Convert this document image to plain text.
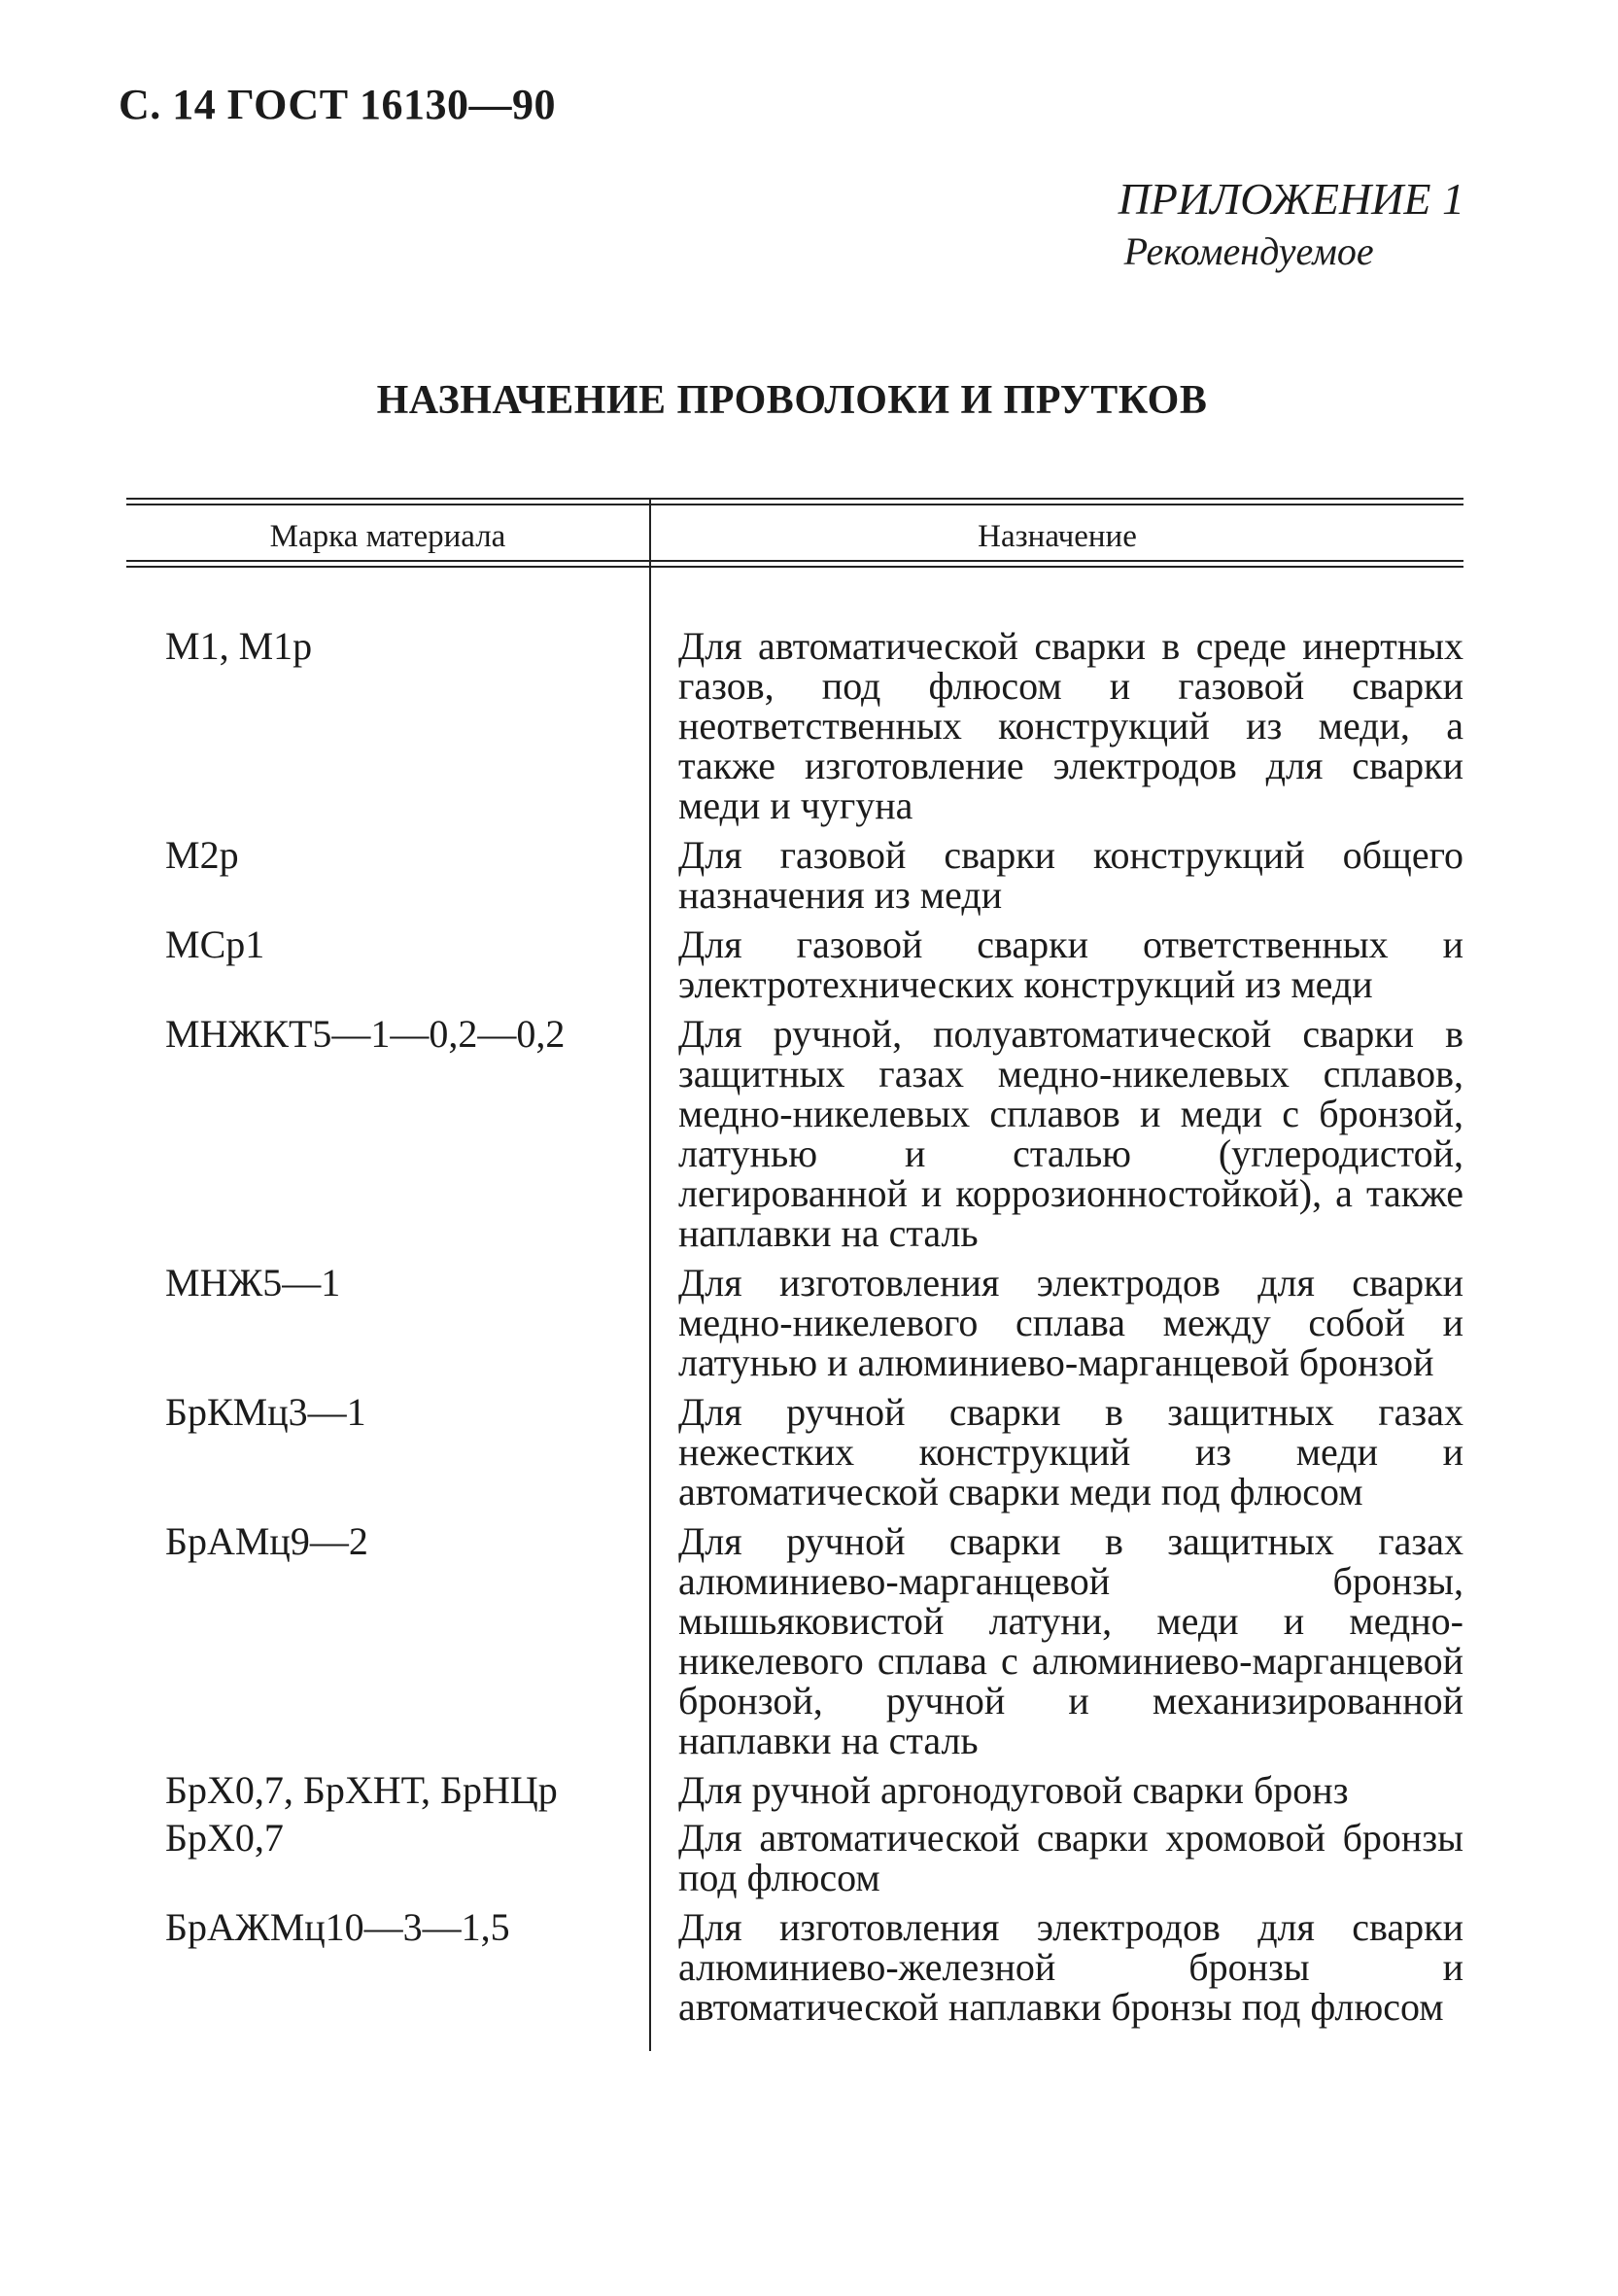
С. 14 ГОСТ 16130—90
ПРИЛОЖЕНИЕ 1
Рекомендуемое
НАЗНАЧЕНИЕ ПРОВОЛОКИ И ПРУТКОВ
Марка материала	Назначение
М1, М1р	Для автоматической сварки в среде инертных газов, под флюсом и газовой сварки неответственных конструкций из меди, а также изготовление электродов для сварки меди и чугуна
М2р	Для газовой сварки конструкций общего назначения из меди
МСр1	Для газовой сварки ответственных и электротехнических конструкций из меди
МНЖКТ5—1—0,2—0,2	Для ручной, полуавтоматической сварки в защитных газах медно-никелевых сплавов, медно-никелевых сплавов и меди с бронзой, латунью и сталью (углеродистой, легированной и коррозионностойкой), а также наплавки на сталь
МНЖ5—1	Для изготовления электродов для сварки медно-никелевого сплава между собой и латунью и алюминиево-марганцевой бронзой
БрКМц3—1	Для ручной сварки в защитных газах нежестких конструкций из меди и автоматической сварки меди под флюсом
БрАМц9—2	Для ручной сварки в защитных газах алюминиево-марганцевой бронзы, мышьяковистой латуни, меди и медно-никелевого сплава с алюминиево-марганцевой бронзой, ручной и механизированной наплавки на сталь
БрХ0,7, БрХНТ, БрНЦр	Для ручной аргонодуговой сварки бронз
БрХ0,7	Для автоматической сварки хромовой бронзы под флюсом
БрАЖМц10—3—1,5	Для изготовления электродов для сварки алюминиево-железной бронзы и автоматической наплавки бронзы под флюсом
